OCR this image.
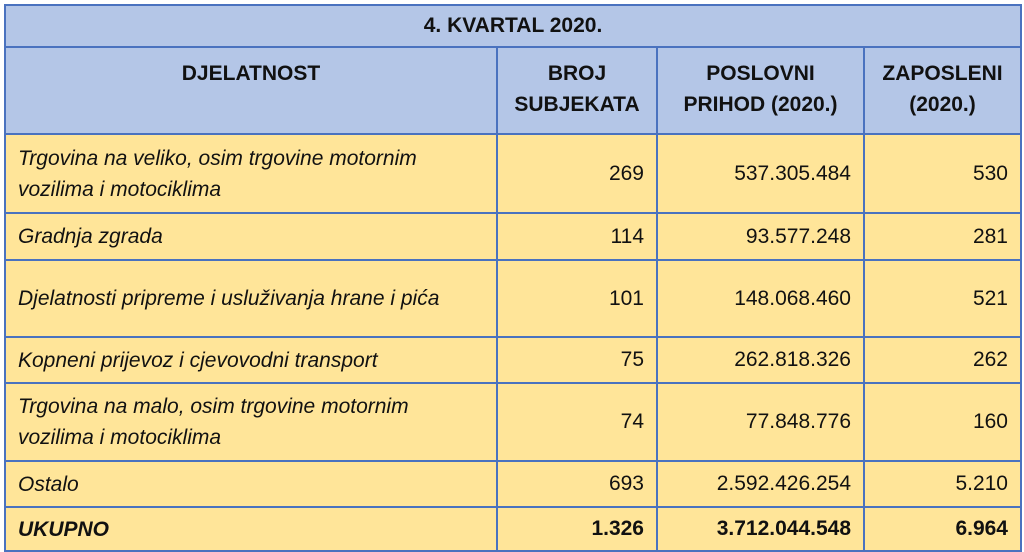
4. KVARTAL 2020.			
DJELATNOST	BROJ SUBJEKATA	POSLOVNI PRIHOD (2020.)	ZAPOSLENI (2020.)
Trgovina na veliko, osim trgovine motornim vozilima i motociklima	269	537.305.484	530
Gradnja zgrada	114	93.577.248	281
Djelatnosti pripreme i usluživanja hrane i pića	101	148.068.460	521
Kopneni prijevoz i cjevovodni transport	75	262.818.326	262
Trgovina na malo, osim trgovine motornim vozilima i motociklima	74	77.848.776	160
Ostalo	693	2.592.426.254	5.210
UKUPNO	1.326	3.712.044.548	6.964
